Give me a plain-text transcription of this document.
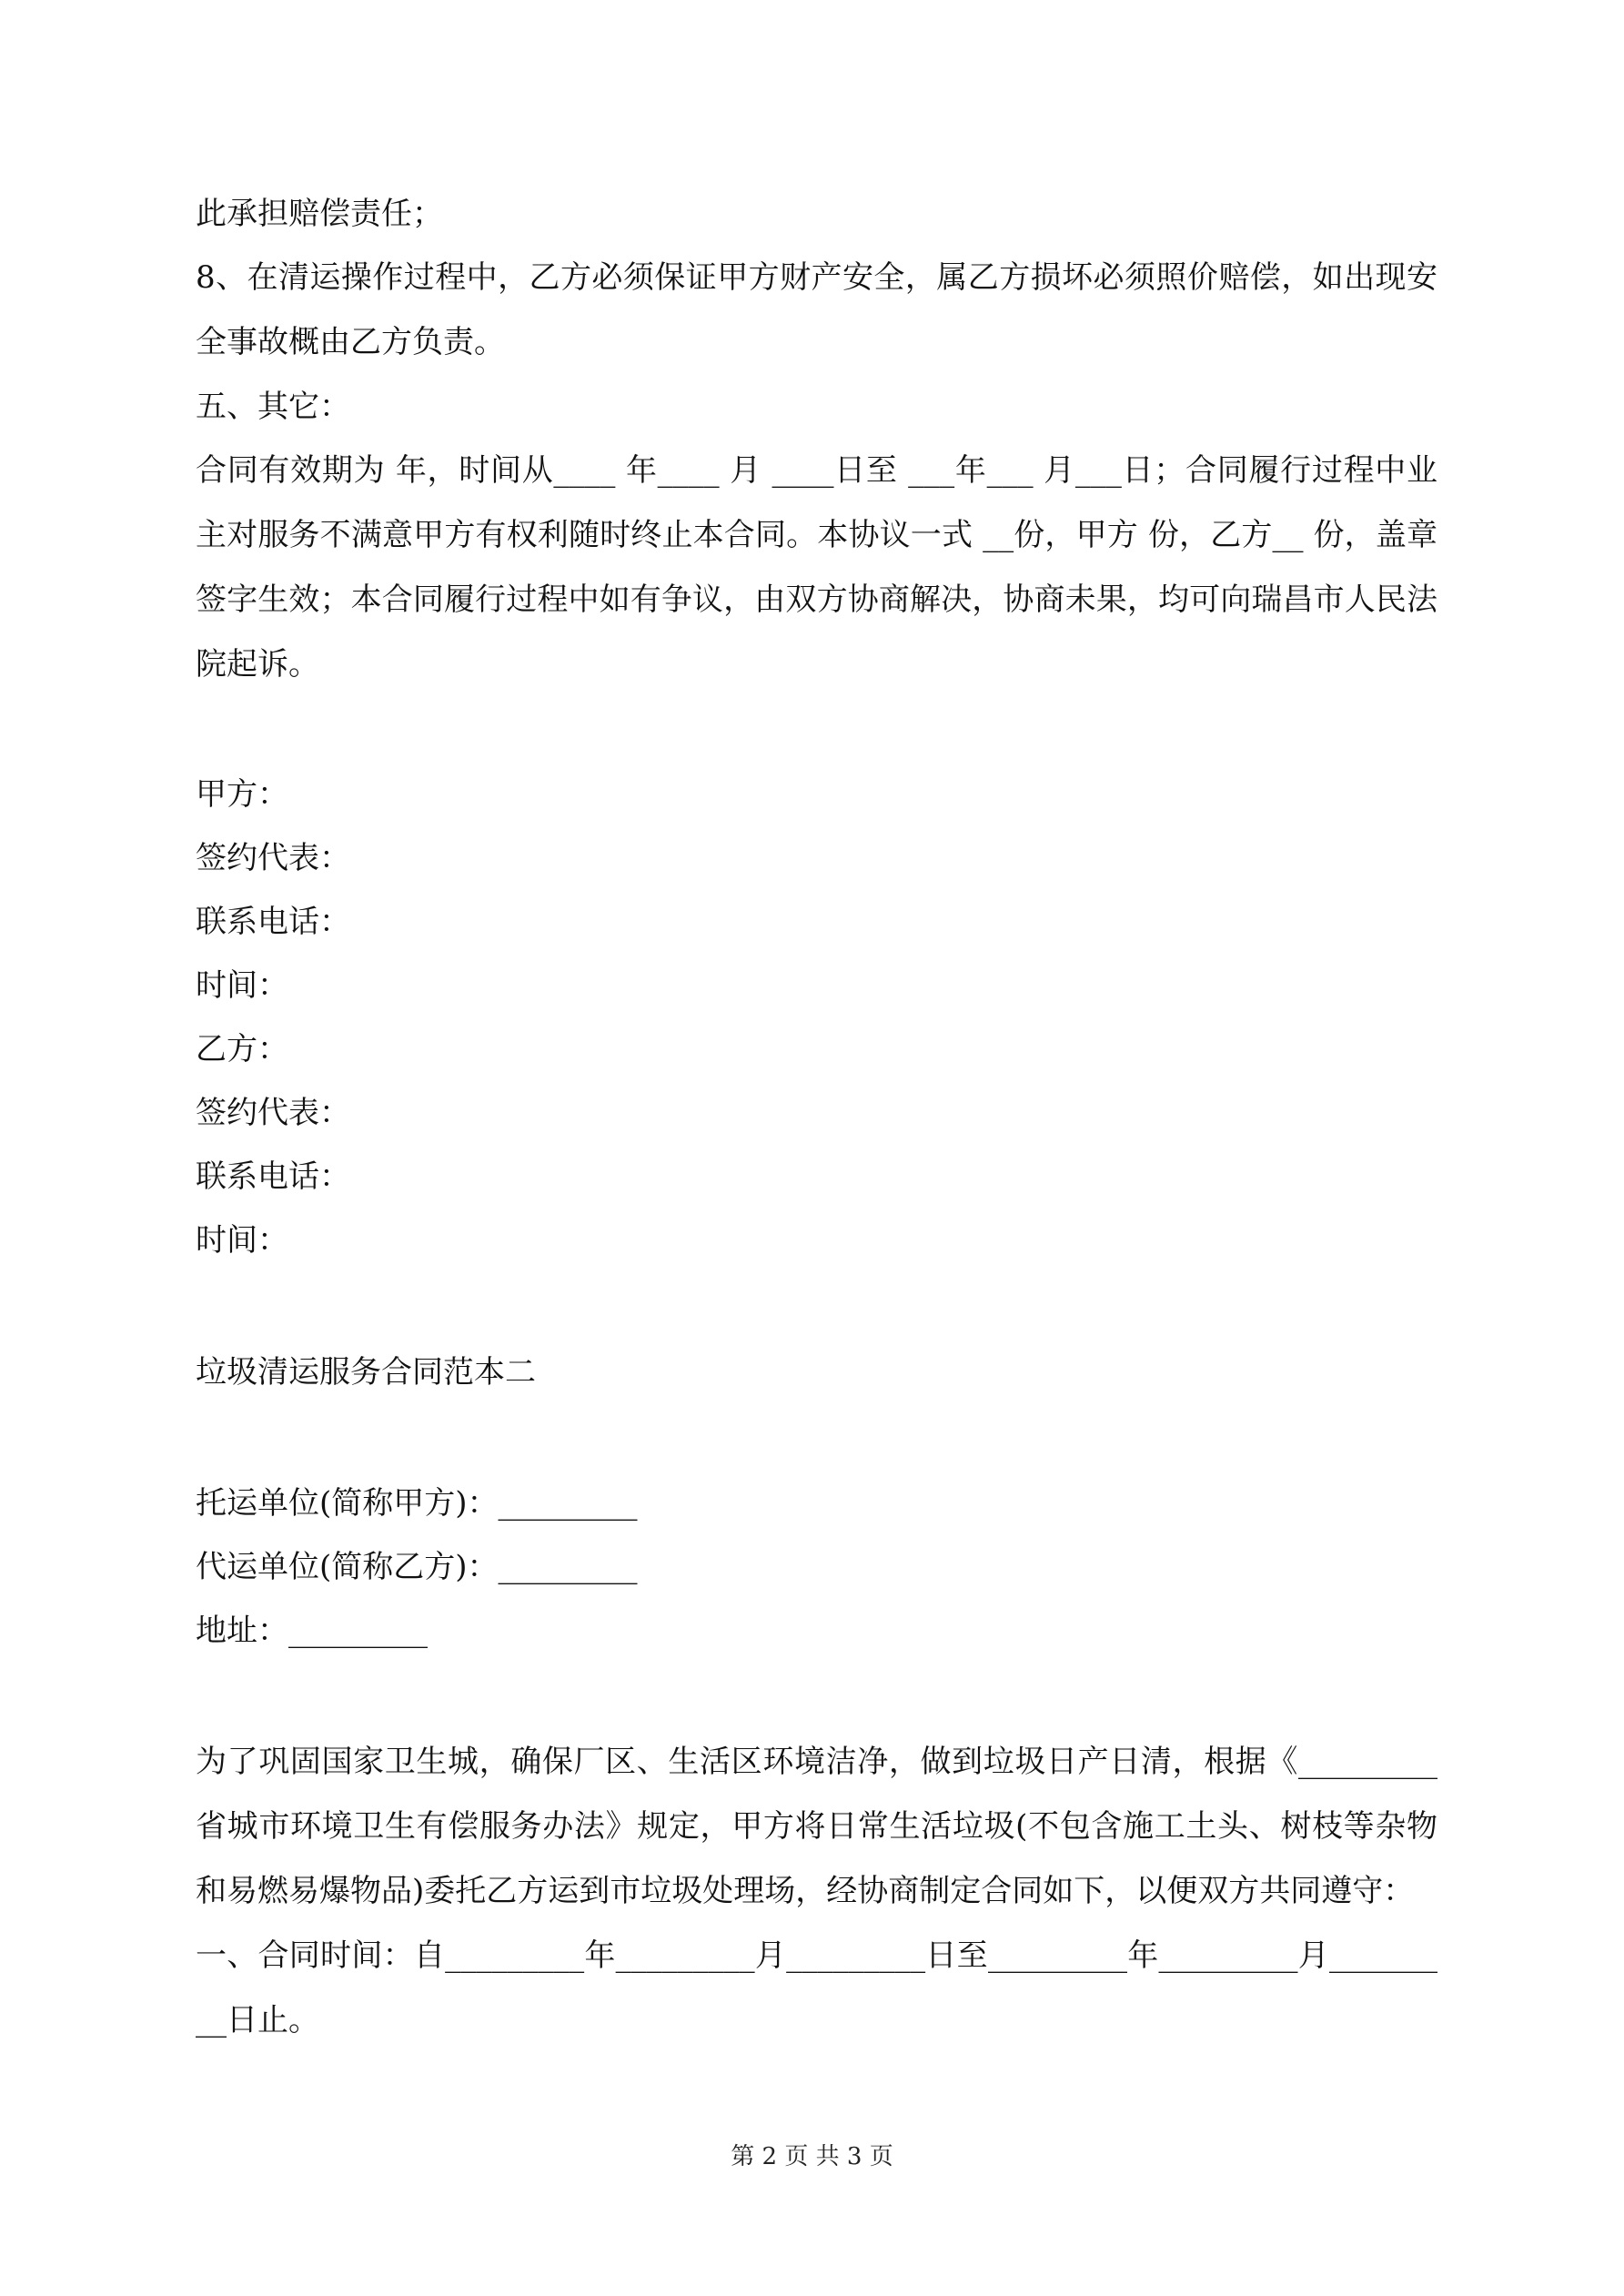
此承担赔偿责任；

8、在清运操作过程中，乙方必须保证甲方财产安全，属乙方损坏必须照价赔偿，如出现安全事故概由乙方负责。

五、其它：

合同有效期为 年，时间从____ 年____ 月 ____日至 ___年___ 月___日；合同履行过程中业主对服务不满意甲方有权利随时终止本合同。本协议一式 __份，甲方 份，乙方__ 份，盖章签字生效；本合同履行过程中如有争议，由双方协商解决，协商未果，均可向瑞昌市人民法院起诉。

甲方：

签约代表：

联系电话：

时间：

乙方：

签约代表：

联系电话：

时间：

垃圾清运服务合同范本二

托运单位(简称甲方)：_________

代运单位(简称乙方)：_________

地址：_________

为了巩固国家卫生城，确保厂区、生活区环境洁净，做到垃圾日产日清，根据《_________省城市环境卫生有偿服务办法》规定，甲方将日常生活垃圾(不包含施工土头、树枝等杂物和易燃易爆物品)委托乙方运到市垃圾处理场，经协商制定合同如下，以便双方共同遵守：

一、合同时间：自_________年_________月_________日至_________年_________月_________日止。

第 2 页 共 3 页
